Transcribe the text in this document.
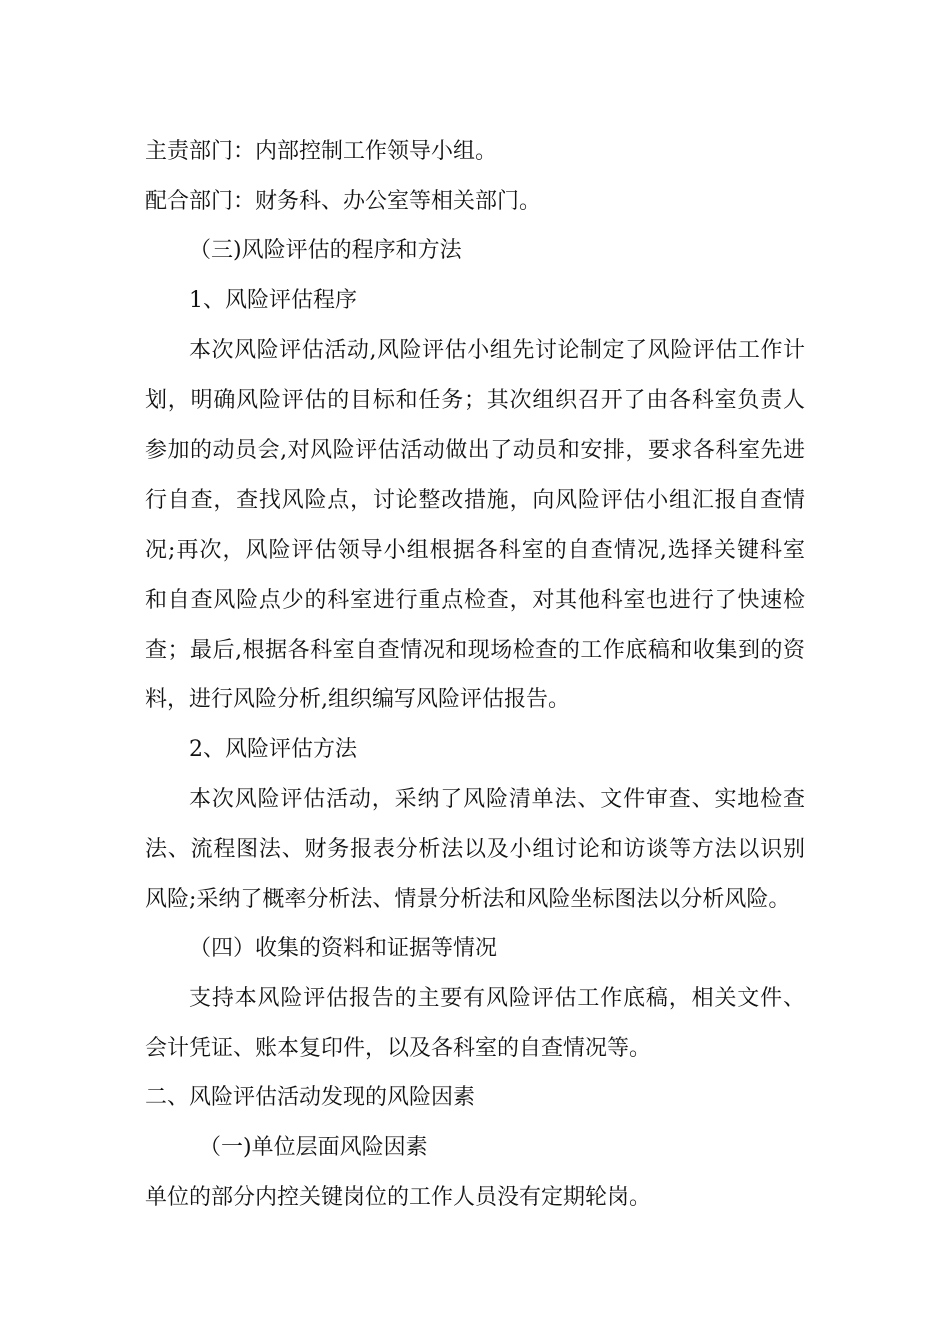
主责部门：内部控制工作领导小组。
配合部门：财务科、办公室等相关部门。
（三)风险评估的程序和方法
1、风险评估程序
本次风险评估活动,风险评估小组先讨论制定了风险评估工作计
划，明确风险评估的目标和任务；其次组织召开了由各科室负责人
参加的动员会,对风险评估活动做出了动员和安排，要求各科室先进
行自查，查找风险点，讨论整改措施，向风险评估小组汇报自查情
况;再次，风险评估领导小组根据各科室的自查情况,选择关键科室
和自查风险点少的科室进行重点检查，对其他科室也进行了快速检
查；最后,根据各科室自查情况和现场检查的工作底稿和收集到的资
料，进行风险分析,组织编写风险评估报告。
2、风险评估方法
本次风险评估活动，采纳了风险清单法、文件审查、实地检查
法、流程图法、财务报表分析法以及小组讨论和访谈等方法以识别
风险;采纳了概率分析法、情景分析法和风险坐标图法以分析风险。
（四）收集的资料和证据等情况
支持本风险评估报告的主要有风险评估工作底稿，相关文件、
会计凭证、账本复印件，以及各科室的自查情况等。
二、风险评估活动发现的风险因素
（一)单位层面风险因素
单位的部分内控关键岗位的工作人员没有定期轮岗。
